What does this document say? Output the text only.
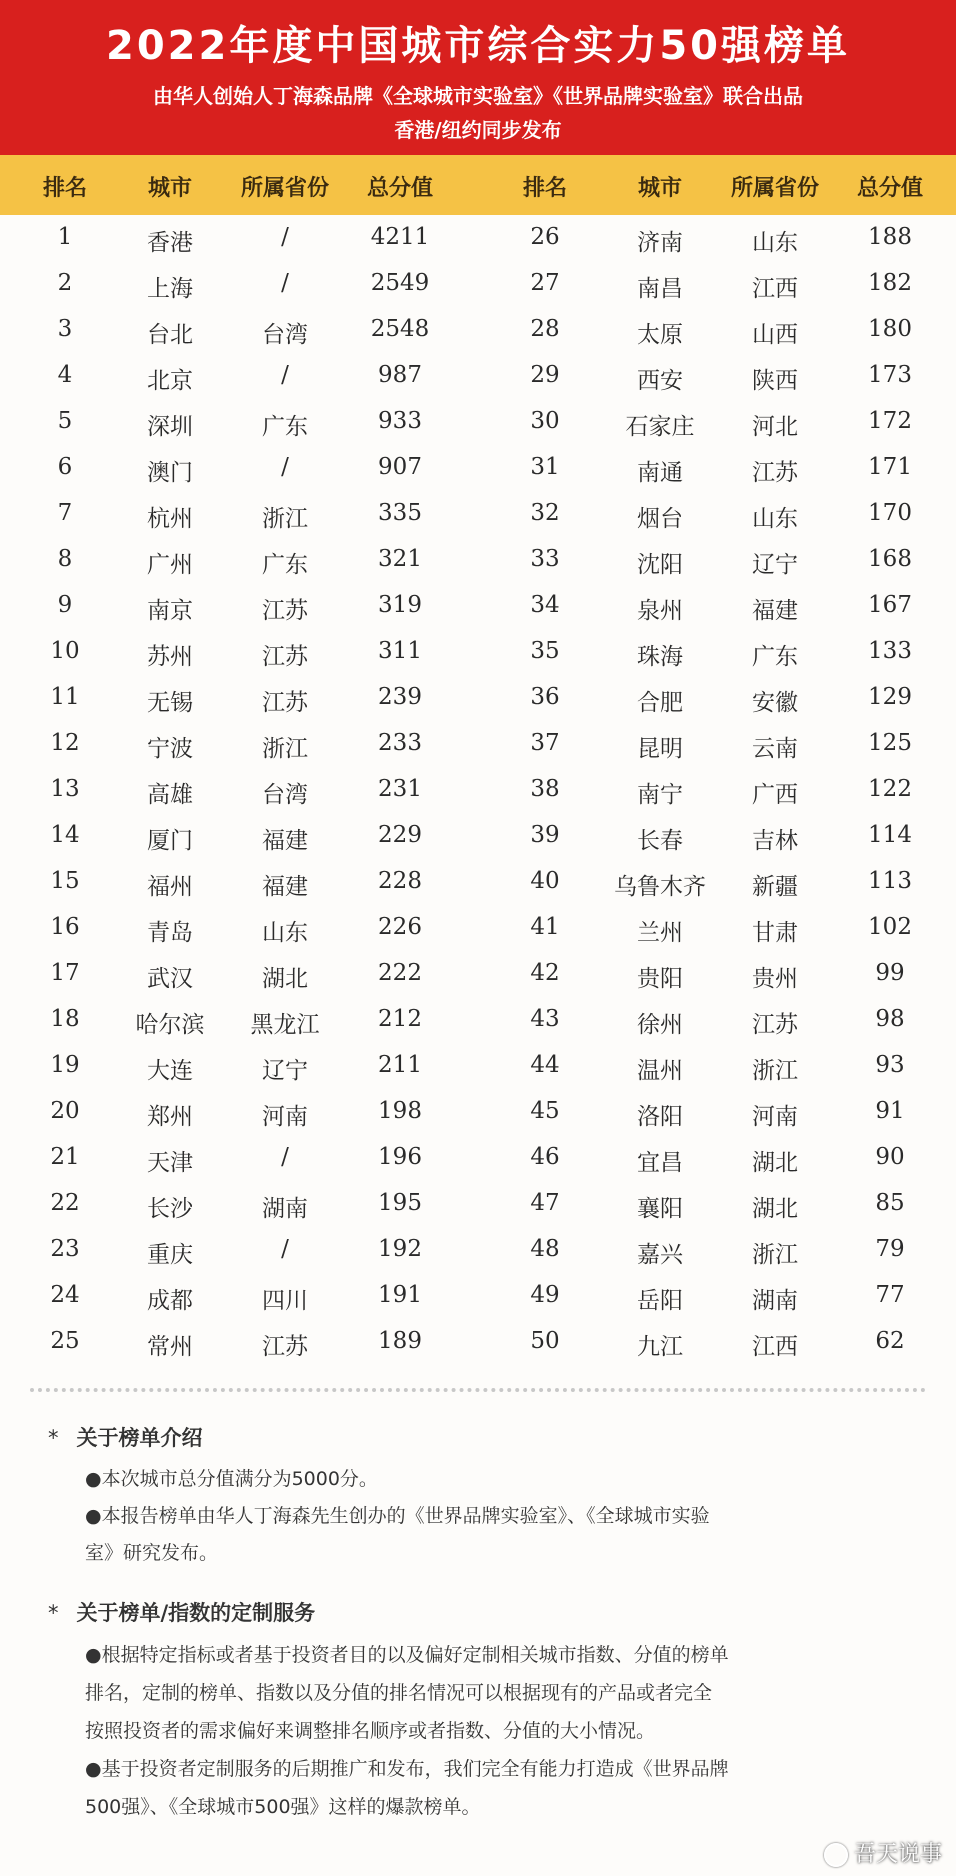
2022年度中国城市综合实力50强榜单
由华人创始人丁海森品牌《全球城市实验室》《世界品牌实验室》联合出品
香港/纽约同步发布
排名	城市	所属省份	总分值	排名	城市	所属省份	总分值
1	香港	/	4211	26	济南	山东	188
2	上海	/	2549	27	南昌	江西	182
3	台北	台湾	2548	28	太原	山西	180
4	北京	/	987	29	西安	陕西	173
5	深圳	广东	933	30	石家庄	河北	172
6	澳门	/	907	31	南通	江苏	171
7	杭州	浙江	335	32	烟台	山东	170
8	广州	广东	321	33	沈阳	辽宁	168
9	南京	江苏	319	34	泉州	福建	167
10	苏州	江苏	311	35	珠海	广东	133
11	无锡	江苏	239	36	合肥	安徽	129
12	宁波	浙江	233	37	昆明	云南	125
13	高雄	台湾	231	38	南宁	广西	122
14	厦门	福建	229	39	长春	吉林	114
15	福州	福建	228	40	乌鲁木齐	新疆	113
16	青岛	山东	226	41	兰州	甘肃	102
17	武汉	湖北	222	42	贵阳	贵州	99
18	哈尔滨	黑龙江	212	43	徐州	江苏	98
19	大连	辽宁	211	44	温州	浙江	93
20	郑州	河南	198	45	洛阳	河南	91
21	天津	/	196	46	宜昌	湖北	90
22	长沙	湖南	195	47	襄阳	湖北	85
23	重庆	/	192	48	嘉兴	浙江	79
24	成都	四川	191	49	岳阳	湖南	77
25	常州	江苏	189	50	九江	江西	62
* 关于榜单介绍
●本次城市总分值满分为5000分。
●本报告榜单由华人丁海森先生创办的《世界品牌实验室》、《全球城市实验
室》研究发布。
* 关于榜单/指数的定制服务
●根据特定指标或者基于投资者目的以及偏好定制相关城市指数、分值的榜单
排名，定制的榜单、指数以及分值的排名情况可以根据现有的产品或者完全
按照投资者的需求偏好来调整排名顺序或者指数、分值的大小情况。
●基于投资者定制服务的后期推广和发布，我们完全有能力打造成《世界品牌
500强》、《全球城市500强》这样的爆款榜单。
吾天说事
